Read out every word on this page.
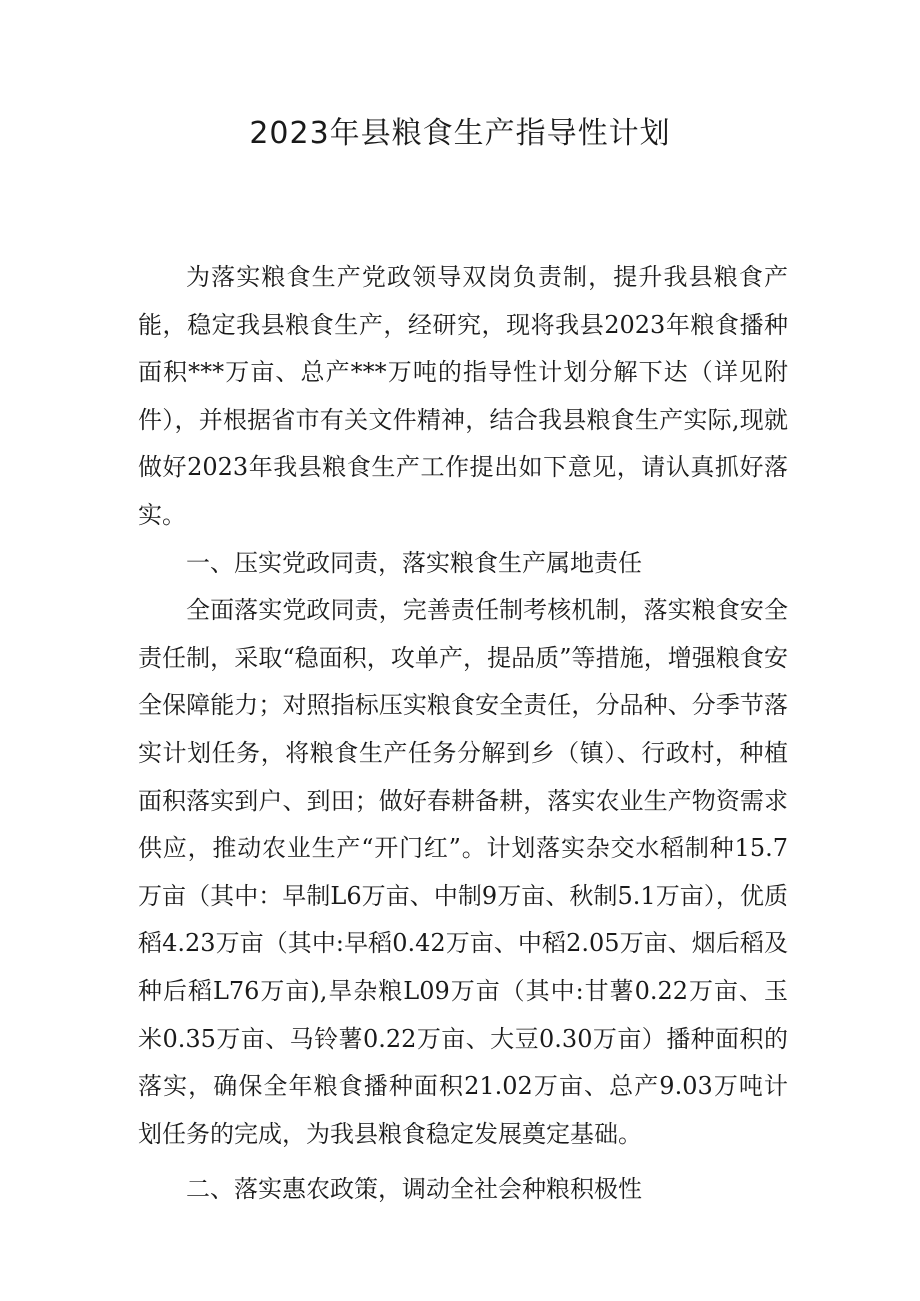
2023年县粮食生产指导性计划

为落实粮食生产党政领导双岗负责制，提升我县粮食产能，稳定我县粮食生产，经研究，现将我县2023年粮食播种面积***万亩、总产***万吨的指导性计划分解下达（详见附件），并根据省市有关文件精神，结合我县粮食生产实际,现就做好2023年我县粮食生产工作提出如下意见，请认真抓好落实。

一、压实党政同责，落实粮食生产属地责任

全面落实党政同责，完善责任制考核机制，落实粮食安全责任制，采取“稳面积，攻单产，提品质”等措施，增强粮食安全保障能力；对照指标压实粮食安全责任，分品种、分季节落实计划任务，将粮食生产任务分解到乡（镇）、行政村，种植面积落实到户、到田；做好春耕备耕，落实农业生产物资需求供应，推动农业生产“开门红”。计划落实杂交水稻制种15.7万亩（其中：早制L6万亩、中制9万亩、秋制5.1万亩），优质稻4.23万亩（其中:早稻0.42万亩、中稻2.05万亩、烟后稻及种后稻L76万亩),旱杂粮L09万亩（其中:甘薯0.22万亩、玉米0.35万亩、马铃薯0.22万亩、大豆0.30万亩）播种面积的落实，确保全年粮食播种面积21.02万亩、总产9.03万吨计划任务的完成，为我县粮食稳定发展奠定基础。

二、落实惠农政策，调动全社会种粮积极性
